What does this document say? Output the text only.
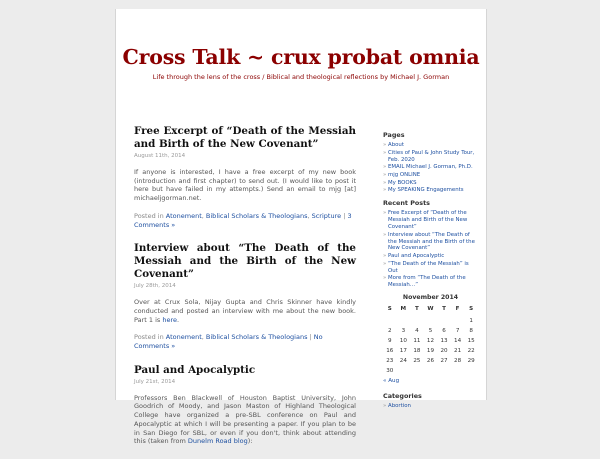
Cross Talk ~ crux probat omnia
Life through the lens of the cross / Biblical and theological reflections by Michael J. Gorman
Free Excerpt of “Death of the Messiah and Birth of the New Covenant”
August 11th, 2014
If anyone is interested, I have a free excerpt of my new book (introduction and first chapter) to send out. (I would like to post it here but have failed in my attempts.) Send an email to mjg [at] michaeljgorman.net.
Posted in Atonement, Biblical Scholars & Theologians, Scripture | 3 Comments »
Interview about “The Death of the Messiah and the Birth of the New Covenant”
July 28th, 2014
Over at Crux Sola, Nijay Gupta and Chris Skinner have kindly conducted and posted an interview with me about the new book. Part 1 is here.
Posted in Atonement, Biblical Scholars & Theologians | No Comments »
Paul and Apocalyptic
July 21st, 2014
Professors Ben Blackwell of Houston Baptist University, John Goodrich of Moody, and Jason Maston of Highland Theological College have organized a pre-SBL conference on Paul and Apocalyptic at which I will be presenting a paper. If you plan to be in San Diego for SBL, or even if you don't, think about attending this (taken from Dunelm Road blog):
Pages
» About
» Cities of Paul & John Study Tour, Feb. 2020
» EMAIL Michael J. Gorman, Ph.D.
» mjg ONLINE
» My BOOKS
» My SPEAKING Engagements
Recent Posts
» Free Excerpt of “Death of the Messiah and Birth of the New Covenant”
» Interview about “The Death of the Messiah and the Birth of the New Covenant”
» Paul and Apocalyptic
» “The Death of the Messiah” is Out
» More from “The Death of the Messiah…”
November 2014
S	M	T	W	T	F	S
						1
2	3	4	5	6	7	8
9	10	11	12	13	14	15
16	17	18	19	20	21	22
23	24	25	26	27	28	29
30						
« Aug						
Categories
» Abortion
